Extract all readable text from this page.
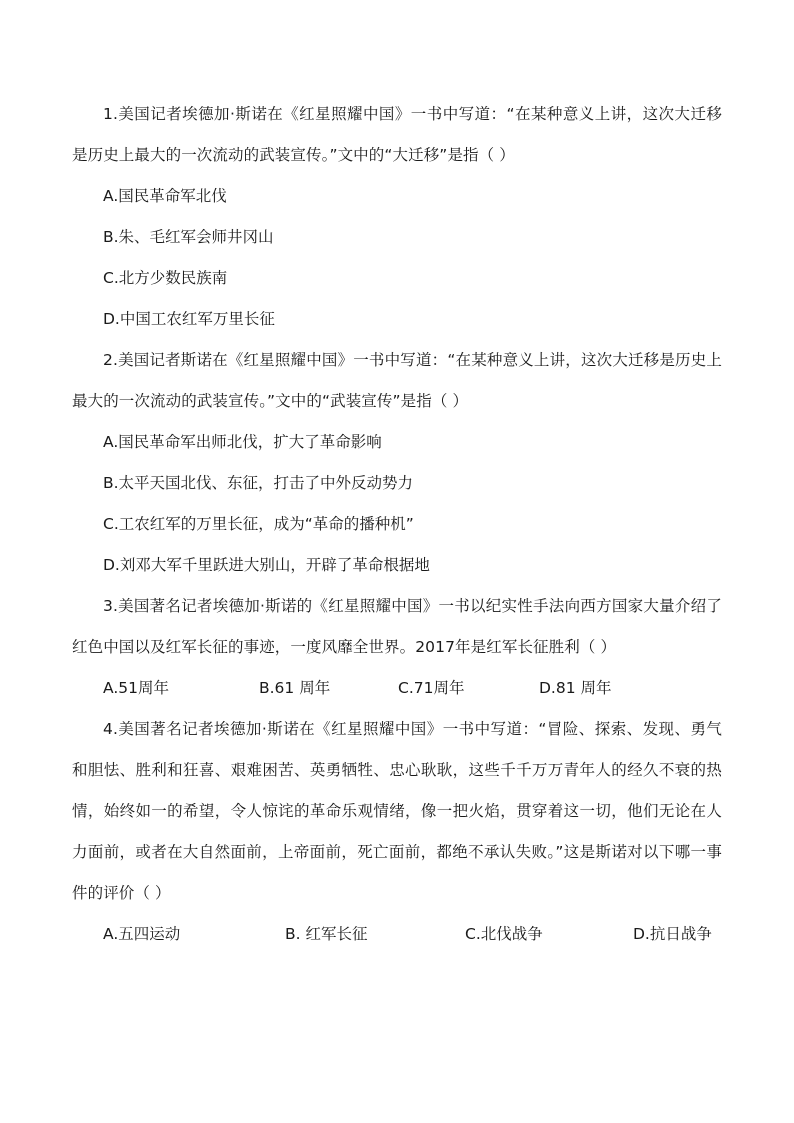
1.美国记者埃德加·斯诺在《红星照耀中国》一书中写道：“在某种意义上讲，这次大迁移是历史上最大的一次流动的武装宣传。”文中的“大迁移”是指（ ）

A.国民革命军北伐

B.朱、毛红军会师井冈山

C.北方少数民族南

D.中国工农红军万里长征

2.美国记者斯诺在《红星照耀中国》一书中写道：“在某种意义上讲，这次大迁移是历史上最大的一次流动的武装宣传。”文中的“武装宣传”是指（ ）

A.国民革命军出师北伐，扩大了革命影响

B.太平天国北伐、东征，打击了中外反动势力

C.工农红军的万里长征，成为“革命的播种机”

D.刘邓大军千里跃进大别山，开辟了革命根据地

3.美国著名记者埃德加·斯诺的《红星照耀中国》一书以纪实性手法向西方国家大量介绍了红色中国以及红军长征的事迹，一度风靡全世界。2017年是红军长征胜利（ ）

A.51周年	B.61 周年	C.71周年	D.81 周年

4.美国著名记者埃德加·斯诺在《红星照耀中国》一书中写道：“冒险、探索、发现、勇气和胆怯、胜利和狂喜、艰难困苦、英勇牺牲、忠心耿耿，这些千千万万青年人的经久不衰的热情，始终如一的希望，令人惊诧的革命乐观情绪，像一把火焰，贯穿着这一切，他们无论在人力面前，或者在大自然面前，上帝面前，死亡面前，都绝不承认失败。”这是斯诺对以下哪一事件的评价（ ）

A.五四运动	B. 红军长征	C.北伐战争	D.抗日战争
